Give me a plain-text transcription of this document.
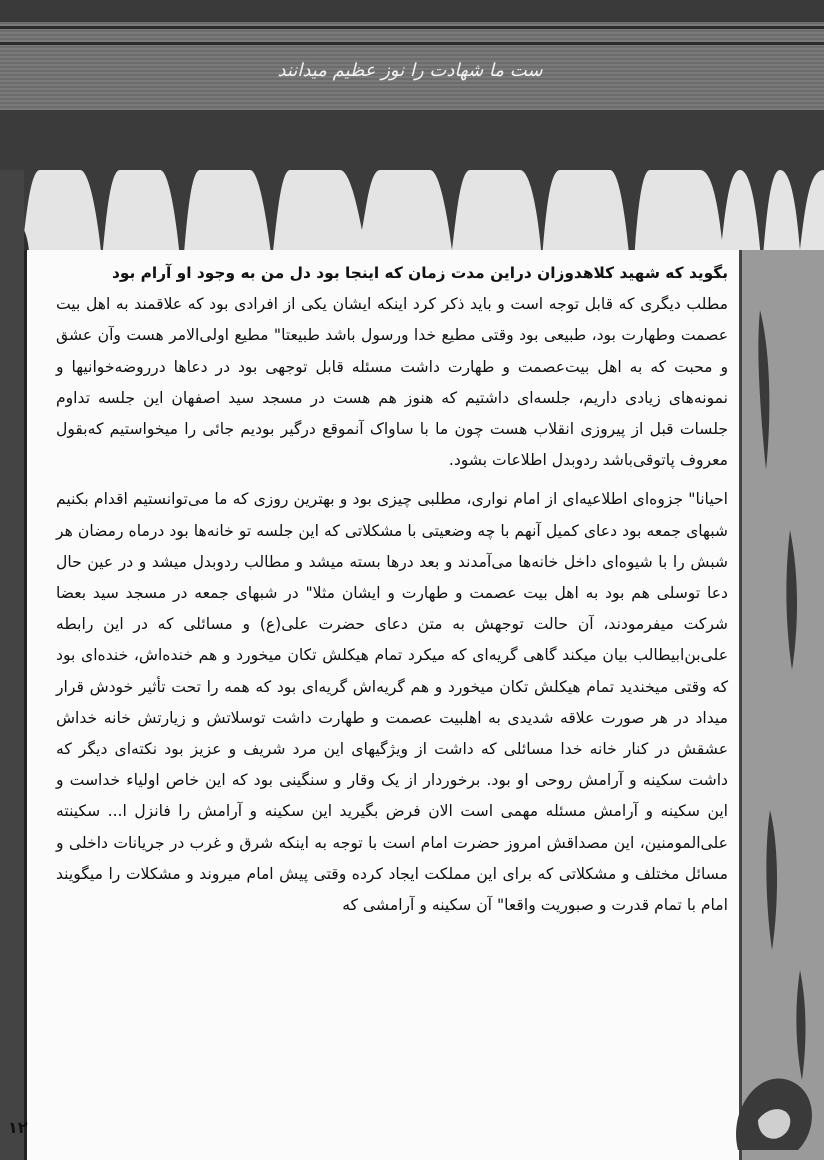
ست ما شهادت را نوز عظیم میدانند

بگوید که شهید کلاهدوزان دراین مدت زمان که اینجا بود دل من به وجود او آرام بود

مطلب دیگری که قابل توجه است و باید ذکر کرد اینکه ایشان یکی از افرادی بود که علاقمند به اهل بیت عصمت وطهارت بود، طبیعی بود وقتی مطیع خدا ورسول باشد طبیعتا" مطیع اولی‌الامر هست وآن عشق و محبت که به اهل بیت‌عصمت و طهارت داشت مسئله قابل توجهی بود در دعاها درروضه‌خوانیها و نمونه‌های زیادی داریم، جلسه‌ای داشتیم که هنوز هم هست در مسجد سید اصفهان این جلسه تداوم جلسات قبل از پیروزی انقلاب هست چون ما با ساواک آنموقع درگیر بودیم جائی را میخواستیم که‌بقول معروف پاتوقی‌باشد ردوبدل اطلاعات بشود.

احیانا" جزوه‌ای اطلاعیه‌ای از امام نواری، مطلبی چیزی بود و بهترین روزی که ما می‌توانستیم اقدام بکنیم شبهای جمعه بود دعای کمیل آنهم با چه وضعیتی با مشکلاتی که این جلسه تو خانه‌ها بود درماه رمضان هر شبش را با شیوه‌ای داخل خانه‌ها می‌آمدند و بعد درها بسته میشد و مطالب ردوبدل میشد و در عین حال دعا توسلی هم بود به اهل بیت عصمت و طهارت و ایشان مثلا" در شبهای جمعه در مسجد سید بعضا شرکت میفرمودند، آن حالت توجهش به متن دعای حضرت علی(ع) و مسائلی که در این رابطه علی‌بن‌ابیطالب بیان میکند گاهی گریه‌ای که میکرد تمام هیکلش تکان میخورد و هم خنده‌اش، خنده‌ای بود که وقتی میخندید تمام هیکلش تکان میخورد و هم گریه‌اش گریه‌ای بود که همه را تحت تأثیر خودش قرار میداد در هر صورت علاقه شدیدی به اهلبیت عصمت و طهارت داشت توسلاتش و زیارتش خانه خداش عشقش در کنار خانه خدا مسائلی که داشت از ویژگیهای این مرد شریف و عزیز بود نکته‌ای دیگر که داشت سکینه و آرامش روحی او بود. برخوردار از یک وقار و سنگینی بود که این خاص اولیاء خداست و این سکینه و آرامش مسئله مهمی است الان فرض بگیرید این سکینه و آرامش را فانزل ا... سکینته علی‌المومنین، این مصداقش امروز حضرت امام است با توجه به اینکه شرق و غرب در جریانات داخلی و مسائل مختلف و مشکلاتی که برای این مملکت ایجاد کرده وقتی پیش امام میروند و مشکلات را میگویند امام با تمام قدرت و صبوریت واقعا" آن سکینه و آرامشی که

۱۲
